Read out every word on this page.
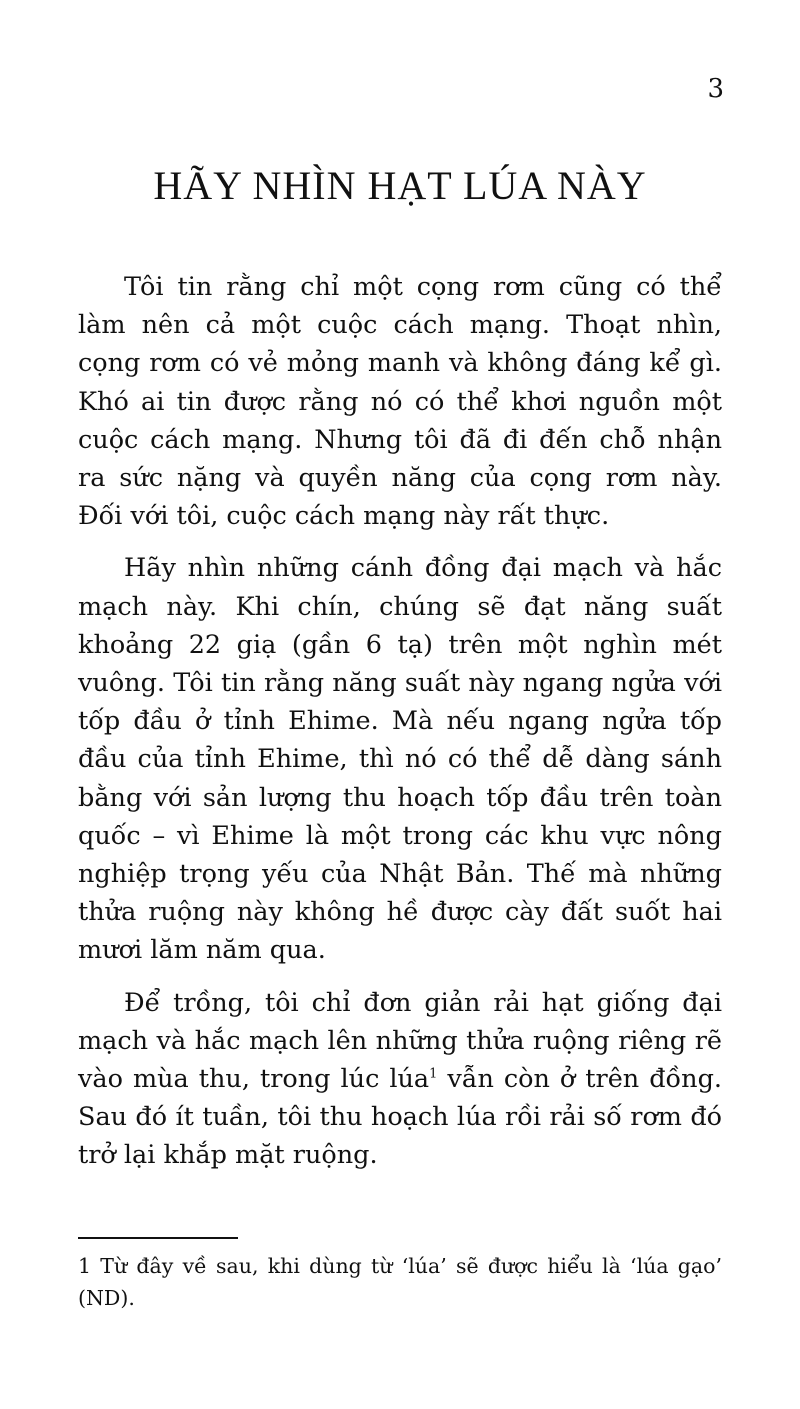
3
HÃY NHÌN HẠT LÚA NÀY

Tôi tin rằng chỉ một cọng rơm cũng có thể làm nên cả một cuộc cách mạng. Thoạt nhìn, cọng rơm có vẻ mỏng manh và không đáng kể gì. Khó ai tin được rằng nó có thể khơi nguồn một cuộc cách mạng. Nhưng tôi đã đi đến chỗ nhận ra sức nặng và quyền năng của cọng rơm này. Đối với tôi, cuộc cách mạng này rất thực.

Hãy nhìn những cánh đồng đại mạch và hắc mạch này. Khi chín, chúng sẽ đạt năng suất khoảng 22 giạ (gần 6 tạ) trên một nghìn mét vuông. Tôi tin rằng năng suất này ngang ngửa với tốp đầu ở tỉnh Ehime. Mà nếu ngang ngửa tốp đầu của tỉnh Ehime, thì nó có thể dễ dàng sánh bằng với sản lượng thu hoạch tốp đầu trên toàn quốc – vì Ehime là một trong các khu vực nông nghiệp trọng yếu của Nhật Bản. Thế mà những thửa ruộng này không hề được cày đất suốt hai mươi lăm năm qua.

Để trồng, tôi chỉ đơn giản rải hạt giống đại mạch và hắc mạch lên những thửa ruộng riêng rẽ vào mùa thu, trong lúc lúa$^1$ vẫn còn ở trên đồng. Sau đó ít tuần, tôi thu hoạch lúa rồi rải số rơm đó trở lại khắp mặt ruộng.

1 Từ đây về sau, khi dùng từ ‘lúa’ sẽ được hiểu là ‘lúa gạo’ (ND).
